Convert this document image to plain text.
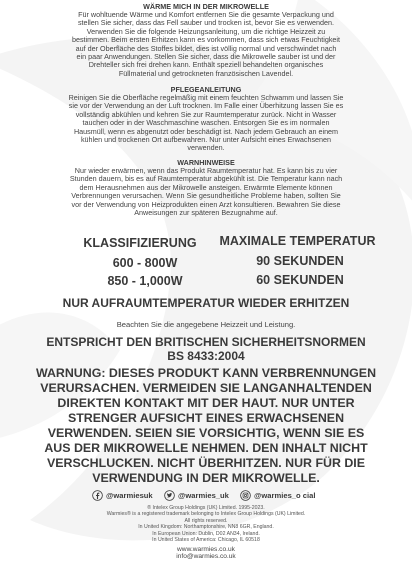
WÄRME MICH IN DER MIKROWELLE
Für wohltuende Wärme und Komfort entfernen Sie die gesamte Verpackung und
stellen Sie sicher, dass das Fell sauber und trocken ist, bevor Sie es verwenden.
Verwenden Sie die folgende Heizungsanleitung, um die richtige Heizzeit zu
bestimmen. Beim ersten Erhitzen kann es vorkommen, dass sich etwas Feuchtigkeit
auf der Oberfläche des Stoffes bildet, dies ist völlig normal und verschwindet nach
ein paar Anwendungen. Stellen Sie sicher, dass die Mikrowelle sauber ist und der
Drehteller sich frei drehen kann. Enthält speziell behandelten organisches
Füllmaterial und getrockneten französischen Lavendel.
PFLEGEANLEITUNG
Reinigen Sie die Oberfläche regelmäßig mit einem feuchten Schwamm und lassen Sie
sie vor der Verwendung an der Luft trocknen. Im Falle einer Überhitzung lassen Sie es
vollständig abkühlen und kehren Sie zur Raumtemperatur zurück. Nicht in Wasser
tauchen oder in der Waschmaschine waschen. Entsorgen Sie es im normalen
Hausmüll, wenn es abgenutzt oder beschädigt ist. Nach jedem Gebrauch an einem
kühlen und trockenen Ort aufbewahren. Nur unter Aufsicht eines Erwachsenen
verwenden.
WARNHINWEISE
Nur wieder erwärmen, wenn das Produkt Raumtemperatur hat. Es kann bis zu vier
Stunden dauern, bis es auf Raumtemperatur abgekühlt ist. Die Temperatur kann nach
dem Herausnehmen aus der Mikrowelle ansteigen. Erwärmte Elemente können
Verbrennungen verursachen. Wenn Sie gesundheitliche Probleme haben, sollten Sie
vor der Verwendung von Heizprodukten einen Arzt konsultieren. Bewahren Sie diese
Anweisungen zur späteren Bezugnahme auf.
KLASSIFIZIERUNG	MAXIMALE TEMPERATUR
600 - 800W	90 SEKUNDEN
850 - 1,000W	60 SEKUNDEN
NUR AUFRAUMTEMPERATUR WIEDER ERHITZEN
Beachten Sie die angegebene Heizzeit und Leistung.
ENTSPRICHT DEN BRITISCHEN SICHERHEITSNORMEN
BS 8433:2004
WARNUNG: DIESES PRODUKT KANN VERBRENNUNGEN
VERURSACHEN. VERMEIDEN SIE LANGANHALTENDEN
DIREKTEN KONTAKT MIT DER HAUT. NUR UNTER
STRENGER AUFSICHT EINES ERWACHSENEN
VERWENDEN. SEIEN SIE VORSICHTIG, WENN SIE ES
AUS DER MIKROWELLE NEHMEN. DEN INHALT NICHT
VERSCHLUCKEN. NICHT ÜBERHITZEN. NUR FÜR DIE
VERWENDUNG IN DER MIKROWELLE.
@warmiesuk	@warmies_uk	@warmies_o cial
® Intelex Group Holdings (UK) Limited. 1995-2023.
Warmies® is a registered trademark belonging to Intelex Group Holdings (UK) Limited.
All rights reserved.
In United Kingdom: Northamptonshire, NN8 6GR, England.
In European Union: Dublin, D02 AN34, Ireland.
In United States of America: Chicago, IL 60518
www.warmies.co.uk
info@warmies.co.uk
